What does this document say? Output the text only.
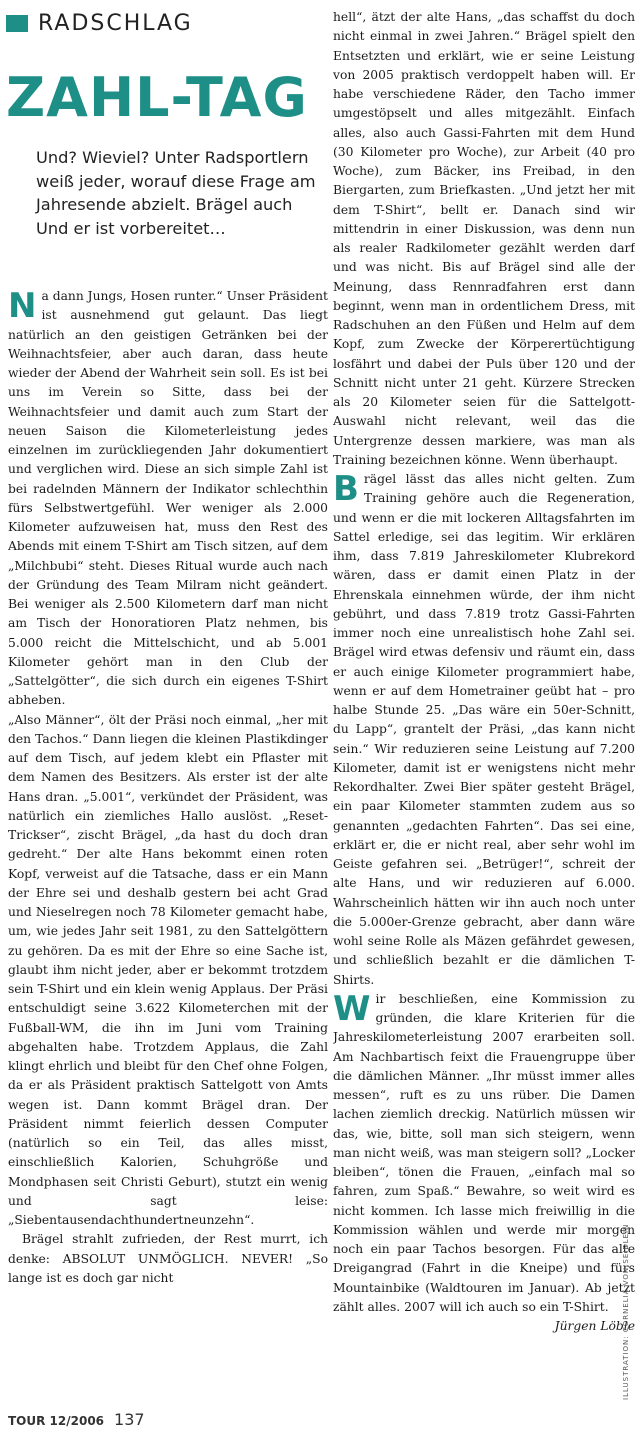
RADSCHLAG
ZAHL-TAG
Und? Wieviel? Unter Radsportlern weiß jeder, worauf diese Frage am Jahresende abzielt. Brägel auch Und er ist vorbereitet…

Na dann Jungs, Hosen runter.“ Unser Präsident ist ausnehmend gut gelaunt. Das liegt natürlich an den geistigen Getränken bei der Weihnachtsfeier, aber auch daran, dass heute wieder der Abend der Wahrheit sein soll. Es ist bei uns im Verein so Sitte, dass bei der Weihnachtsfeier und damit auch zum Start der neuen Saison die Kilometerleistung jedes einzelnen im zurückliegenden Jahr dokumentiert und verglichen wird. Diese an sich simple Zahl ist bei radelnden Männern der Indikator schlechthin fürs Selbstwertgefühl. Wer weniger als 2.000 Kilometer aufzuweisen hat, muss den Rest des Abends mit einem T-Shirt am Tisch sitzen, auf dem „Milchbubi“ steht. Dieses Ritual wurde auch nach der Gründung des Team Milram nicht geändert. Bei weniger als 2.500 Kilometern darf man nicht am Tisch der Honoratioren Platz nehmen, bis 5.000 reicht die Mittelschicht, und ab 5.001 Kilometer gehört man in den Club der „Sattelgötter“, die sich durch ein eigenes T-Shirt abheben.

„Also Männer“, ölt der Präsi noch einmal, „her mit den Tachos.“ Dann liegen die kleinen Plastikdinger auf dem Tisch, auf jedem klebt ein Pflaster mit dem Namen des Besitzers. Als erster ist der alte Hans dran. „5.001“, verkündet der Präsident, was natürlich ein ziemliches Hallo auslöst. „Reset-Trickser“, zischt Brägel, „da hast du doch dran gedreht.“ Der alte Hans bekommt einen roten Kopf, verweist auf die Tatsache, dass er ein Mann der Ehre sei und deshalb gestern bei acht Grad und Nieselregen noch 78 Kilometer gemacht habe, um, wie jedes Jahr seit 1981, zu den Sattelgöttern zu gehören. Da es mit der Ehre so eine Sache ist, glaubt ihm nicht jeder, aber er bekommt trotzdem sein T-Shirt und ein klein wenig Applaus. Der Präsi entschuldigt seine 3.622 Kilometerchen mit der Fußball-WM, die ihn im Juni vom Training abgehalten habe. Trotzdem Applaus, die Zahl klingt ehrlich und bleibt für den Chef ohne Folgen, da er als Präsident praktisch Sattelgott von Amts wegen ist. Dann kommt Brägel dran. Der Präsident nimmt feierlich dessen Computer (natürlich so ein Teil, das alles misst, einschließlich Kalorien, Schuhgröße und Mondphasen seit Christi Geburt), stutzt ein wenig und sagt leise: „Siebentausendachthundertneunzehn“.

Brägel strahlt zufrieden, der Rest murrt, ich denke: ABSOLUT UNMÖGLICH. NEVER! „So lange ist es doch gar nicht

hell“, ätzt der alte Hans, „das schaffst du doch nicht einmal in zwei Jahren.“ Brägel spielt den Entsetzten und erklärt, wie er seine Leistung von 2005 praktisch verdoppelt haben will. Er habe verschiedene Räder, den Tacho immer umgestöpselt und alles mitgezählt. Einfach alles, also auch Gassi-Fahrten mit dem Hund (30 Kilometer pro Woche), zur Arbeit (40 pro Woche), zum Bäcker, ins Freibad, in den Biergarten, zum Briefkasten. „Und jetzt her mit dem T-Shirt“, bellt er. Danach sind wir mittendrin in einer Diskussion, was denn nun als realer Radkilometer gezählt werden darf und was nicht. Bis auf Brägel sind alle der Meinung, dass Rennradfahren erst dann beginnt, wenn man in ordentlichem Dress, mit Radschuhen an den Füßen und Helm auf dem Kopf, zum Zwecke der Körperertüchtigung losfährt und dabei der Puls über 120 und der Schnitt nicht unter 21 geht. Kürzere Strecken als 20 Kilometer seien für die Sattelgott-Auswahl nicht relevant, weil das die Untergrenze dessen markiere, was man als Training bezeichnen könne. Wenn überhaupt.

Brägel lässt das alles nicht gelten. Zum Training gehöre auch die Regeneration, und wenn er die mit lockeren Alltagsfahrten im Sattel erledige, sei das legitim. Wir erklären ihm, dass 7.819 Jahreskilometer Klubrekord wären, dass er damit einen Platz in der Ehrenskala einnehmen würde, der ihm nicht gebührt, und dass 7.819 trotz Gassi-Fahrten immer noch eine unrealistisch hohe Zahl sei. Brägel wird etwas defensiv und räumt ein, dass er auch einige Kilometer programmiert habe, wenn er auf dem Hometrainer geübt hat – pro halbe Stunde 25. „Das wäre ein 50er-Schnitt, du Lapp“, grantelt der Präsi, „das kann nicht sein.“ Wir reduzieren seine Leistung auf 7.200 Kilometer, damit ist er wenigstens nicht mehr Rekordhalter. Zwei Bier später gesteht Brägel, ein paar Kilometer stammten zudem aus so genannten „gedachten Fahrten“. Das sei eine, erklärt er, die er nicht real, aber sehr wohl im Geiste gefahren sei. „Betrüger!“, schreit der alte Hans, und wir reduzieren auf 6.000. Wahrscheinlich hätten wir ihn auch noch unter die 5.000er-Grenze gebracht, aber dann wäre wohl seine Rolle als Mäzen gefährdet gewesen, und schließlich bezahlt er die dämlichen T-Shirts.

Wir beschließen, eine Kommission zu gründen, die klare Kriterien für die Jahreskilometerleistung 2007 erarbeiten soll. Am Nachbartisch feixt die Frauengruppe über die dämlichen Männer. „Ihr müsst immer alles messen“, ruft es zu uns rüber. Die Damen lachen ziemlich dreckig. Natürlich müssen wir das, wie, bitte, soll man sich steigern, wenn man nicht weiß, was man steigern soll? „Locker bleiben“, tönen die Frauen, „einfach mal so fahren, zum Spaß.“ Bewahre, so weit wird es nicht kommen. Ich lasse mich freiwillig in die Kommission wählen und werde mir morgen noch ein paar Tachos besorgen. Für das alte Dreigangrad (Fahrt in die Kneipe) und fürs Mountainbike (Waldtouren im Januar). Ab jetzt zählt alles. 2007 will ich auch so ein T-Shirt.
Jürgen Löble

ILLUSTRATION: CORNELIA VON SEIDLEIN
TOUR 12/2006 137
